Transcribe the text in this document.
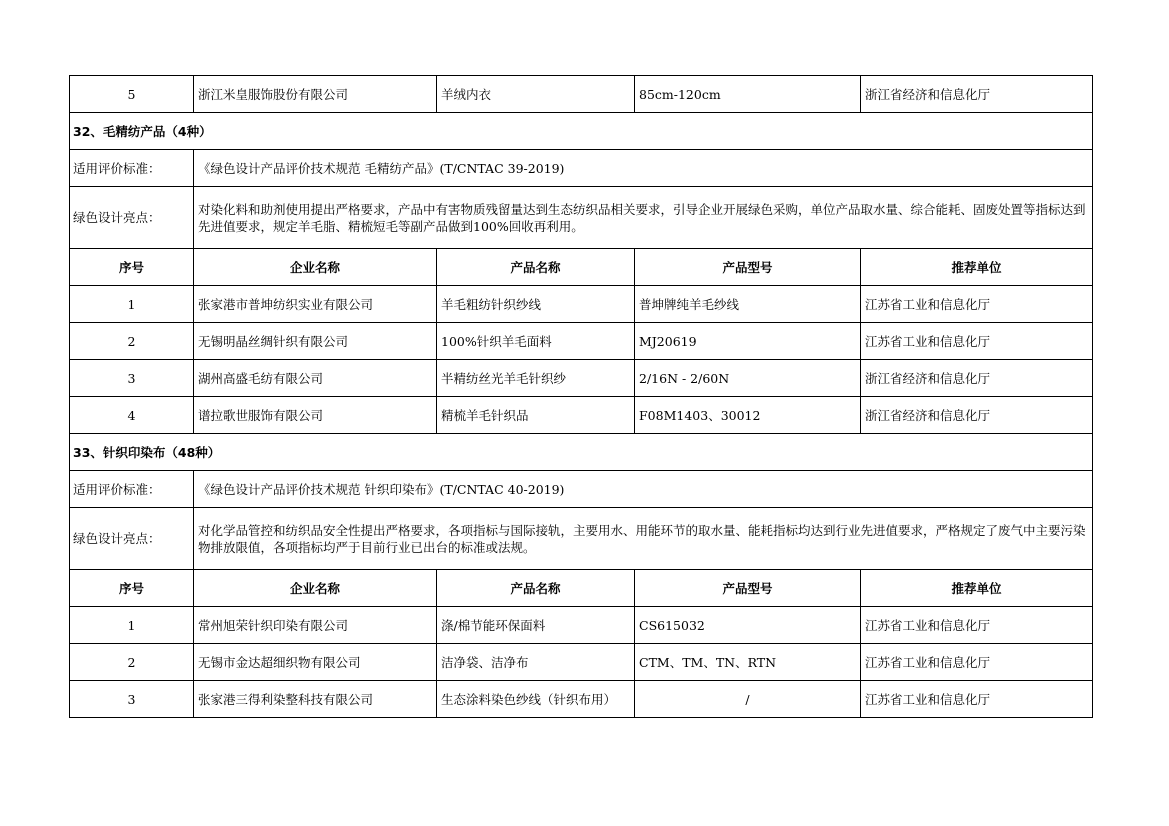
5	浙江米皇服饰股份有限公司	羊绒内衣	85cm-120cm	浙江省经济和信息化厅
32、毛精纺产品（4种）				
适用评价标准：	《绿色设计产品评价技术规范 毛精纺产品》(T/CNTAC 39-2019)			
绿色设计亮点：	对染化料和助剂使用提出严格要求，产品中有害物质残留量达到生态纺织品相关要求，引导企业开展绿色采购，单位产品取水量、综合能耗、固废处置等指标达到先进值要求，规定羊毛脂、精梳短毛等副产品做到100%回收再利用。			
序号	企业名称	产品名称	产品型号	推荐单位
1	张家港市普坤纺织实业有限公司	羊毛粗纺针织纱线	普坤牌纯羊毛纱线	江苏省工业和信息化厅
2	无锡明晶丝绸针织有限公司	100%针织羊毛面料	MJ20619	江苏省工业和信息化厅
3	湖州高盛毛纺有限公司	半精纺丝光羊毛针织纱	2/16N - 2/60N	浙江省经济和信息化厅
4	谱拉歌世服饰有限公司	精梳羊毛针织品	F08M1403、30012	浙江省经济和信息化厅
33、针织印染布（48种）				
适用评价标准：	《绿色设计产品评价技术规范 针织印染布》(T/CNTAC 40-2019)			
绿色设计亮点：	对化学品管控和纺织品安全性提出严格要求，各项指标与国际接轨，主要用水、用能环节的取水量、能耗指标均达到行业先进值要求，严格规定了废气中主要污染物排放限值，各项指标均严于目前行业已出台的标准或法规。			
序号	企业名称	产品名称	产品型号	推荐单位
1	常州旭荣针织印染有限公司	涤/棉节能环保面料	CS615032	江苏省工业和信息化厅
2	无锡市金达超细织物有限公司	洁净袋、洁净布	CTM、TM、TN、RTN	江苏省工业和信息化厅
3	张家港三得利染整科技有限公司	生态涂料染色纱线（针织布用）	/	江苏省工业和信息化厅
